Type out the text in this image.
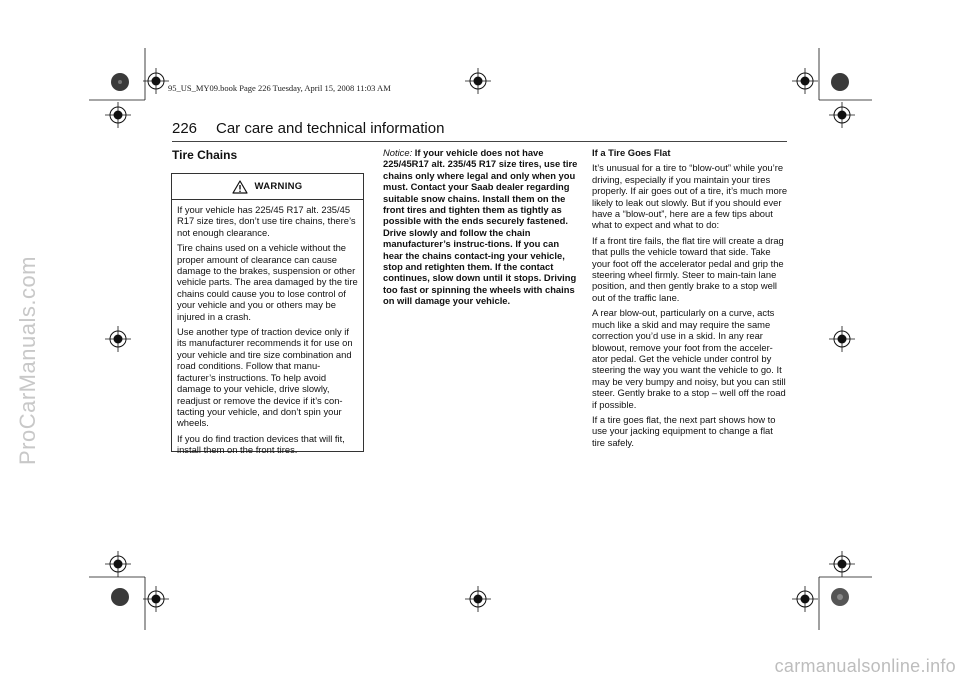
ProCarManuals.com
95_US_MY09.book Page 226 Tuesday, April 15, 2008 11:03 AM
226 Car care and technical information
Tire Chains
WARNING

If your vehicle has 225/45 R17 alt. 235/45 R17 size tires, don’t use tire chains, there’s not enough clearance.

Tire chains used on a vehicle without the proper amount of clearance can cause damage to the brakes, suspension or other vehicle parts. The area damaged by the tire chains could cause you to lose control of your vehicle and you or others may be injured in a crash.

Use another type of traction device only if its manufacturer recommends it for use on your vehicle and tire size combination and road conditions. Follow that manu-facturer’s instructions. To help avoid damage to your vehicle, drive slowly, readjust or remove the device if it’s con-tacting your vehicle, and don’t spin your wheels.

If you do find traction devices that will fit, install them on the front tires.

Notice: If your vehicle does not have 225/45R17 alt. 235/45 R17 size tires, use tire chains only where legal and only when you must. Contact your Saab dealer regarding suitable snow chains. Install them on the front tires and tighten them as tightly as possible with the ends securely fastened. Drive slowly and follow the chain manufacturer’s instruc-tions. If you can hear the chains contact-ing your vehicle, stop and retighten them. If the contact continues, slow down until it stops. Driving too fast or spinning the wheels with chains on will damage your vehicle.

If a Tire Goes Flat

It’s unusual for a tire to “blow-out” while you’re driving, especially if you maintain your tires properly. If air goes out of a tire, it’s much more likely to leak out slowly. But if you should ever have a “blow-out”, here are a few tips about what to expect and what to do:

If a front tire fails, the flat tire will create a drag that pulls the vehicle toward that side. Take your foot off the accelerator pedal and grip the steering wheel firmly. Steer to main-tain lane position, and then gently brake to a stop well out of the traffic lane.

A rear blow-out, particularly on a curve, acts much like a skid and may require the same correction you’d use in a skid. In any rear blowout, remove your foot from the acceler-ator pedal. Get the vehicle under control by steering the way you want the vehicle to go. It may be very bumpy and noisy, but you can still steer. Gently brake to a stop – well off the road if possible.

If a tire goes flat, the next part shows how to use your jacking equipment to change a flat tire safely.

carmanualsonline.info
